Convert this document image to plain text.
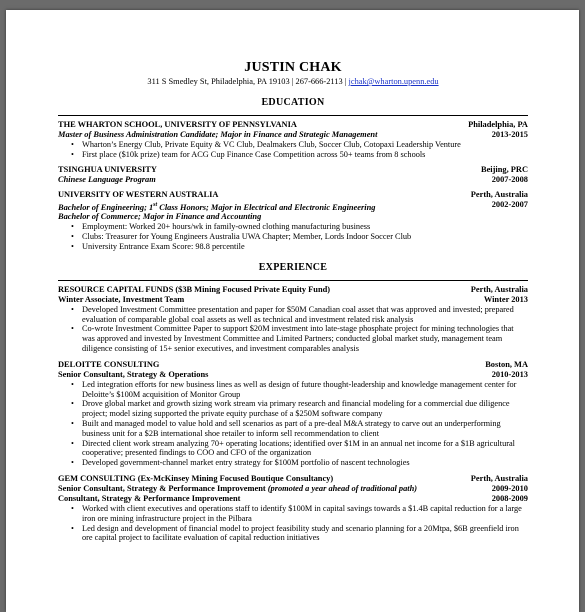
JUSTIN CHAK
311 S Smedley St, Philadelphia, PA 19103 | 267-666-2113 | jchak@wharton.upenn.edu
EDUCATION
THE WHARTON SCHOOL, UNIVERSITY OF PENNSYLVANIA	Philadelphia, PA
Master of Business Administration Candidate; Major in Finance and Strategic Management	2013-2015
• Wharton’s Energy Club, Private Equity & VC Club, Dealmakers Club, Soccer Club, Cotopaxi Leadership Venture
• First place ($10k prize) team for ACG Cup Finance Case Competition across 50+ teams from 8 schools
TSINGHUA UNIVERSITY	Beijing, PRC
Chinese Language Program	2007-2008
UNIVERSITY OF WESTERN AUSTRALIA	Perth, Australia
Bachelor of Engineering; 1st Class Honors; Major in Electrical and Electronic Engineering	2002-2007
Bachelor of Commerce; Major in Finance and Accounting
• Employment: Worked 20+ hours/wk in family-owned clothing manufacturing business
• Clubs: Treasurer for Young Engineers Australia UWA Chapter; Member, Lords Indoor Soccer Club
• University Entrance Exam Score: 98.8 percentile
EXPERIENCE
RESOURCE CAPITAL FUNDS ($3B Mining Focused Private Equity Fund)	Perth, Australia
Winter Associate, Investment Team	Winter 2013
• Developed Investment Committee presentation and paper for $50M Canadian coal asset that was approved and invested; prepared evaluation of comparable global coal assets as well as technical and investment related risk analysis
• Co-wrote Investment Committee Paper to support $20M investment into late-stage phosphate project for mining technologies that was approved and invested by Investment Committee and Limited Partners; conducted global market study, management team diligence consisting of 15+ senior executives, and investment comparables analysis
DELOITTE CONSULTING	Boston, MA
Senior Consultant, Strategy & Operations	2010-2013
• Led integration efforts for new business lines as well as design of future thought-leadership and knowledge management center for Deloitte’s $100M acquisition of Monitor Group
• Drove global market and growth sizing work stream via primary research and financial modeling for a commercial due diligence project; model sizing supported the private equity purchase of a $250M software company
• Built and managed model to value hold and sell scenarios as part of a pre-deal M&A strategy to carve out an underperforming business unit for a $2B international shoe retailer to inform sell recommendation to client
• Directed client work stream analyzing 70+ operating locations; identified over $1M in an annual net income for a $1B agricultural cooperative; presented findings to COO and CFO of the organization
• Developed government-channel market entry strategy for $100M portfolio of nascent technologies
GEM CONSULTING (Ex-McKinsey Mining Focused Boutique Consultancy)	Perth, Australia
Senior Consultant, Strategy & Performance Improvement (promoted a year ahead of traditional path)	2009-2010
Consultant, Strategy & Performance Improvement	2008-2009
• Worked with client executives and operations staff to identify $100M in capital savings towards a $1.4B capital reduction for a large iron ore mining infrastructure project in the Pilbara
• Led design and development of financial model to project feasibility study and scenario planning for a 20Mtpa, $6B greenfield iron ore capital project to facilitate evaluation of capital reduction initiatives
